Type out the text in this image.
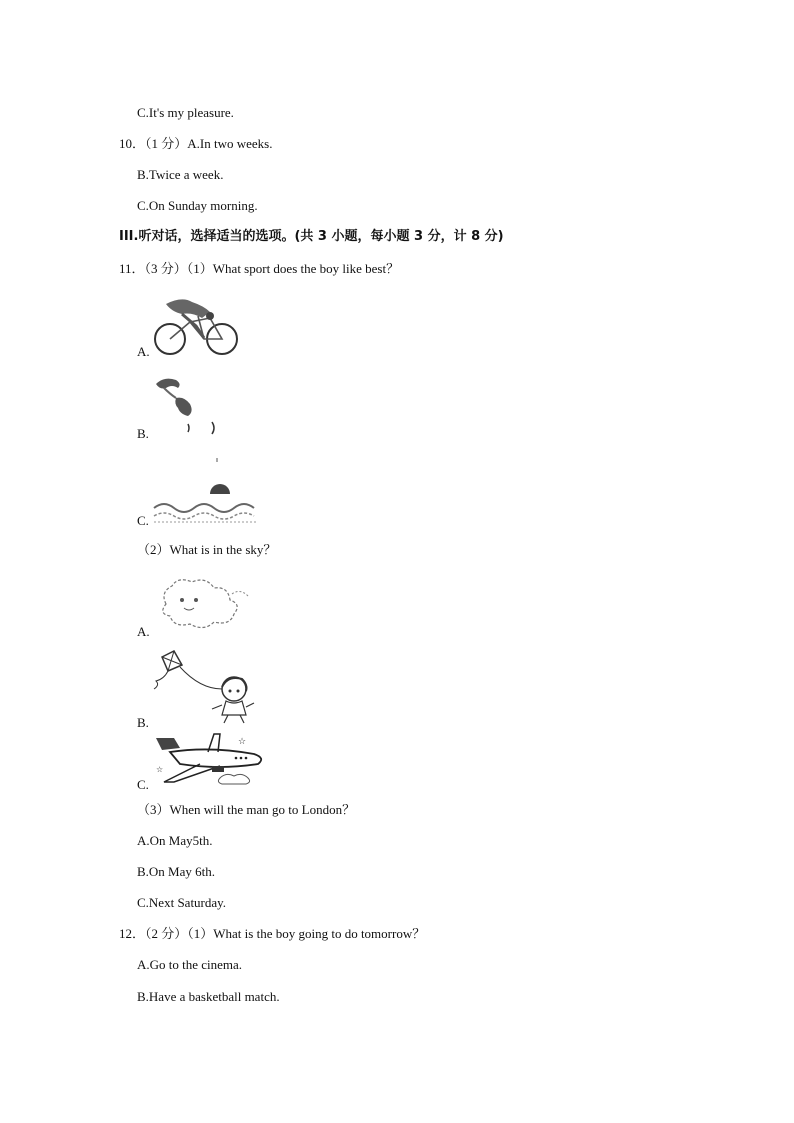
C.It's my pleasure.
10．（1 分）A.In two weeks.
B.Twice a week.
C.On Sunday morning.
III.听对话，选择适当的选项。(共 3 小题，每小题 3 分，计 8 分)
11．（3 分）（1）What sport does the boy like best？
A.
B.
C.
（2）What is in the sky？
A.
B.
☆
☆
C.
（3）When will the man go to London？
A.On May5th.
B.On May 6th.
C.Next Saturday.
12．（2 分）（1）What is the boy going to do tomorrow？
A.Go to the cinema.
B.Have a basketball match.
